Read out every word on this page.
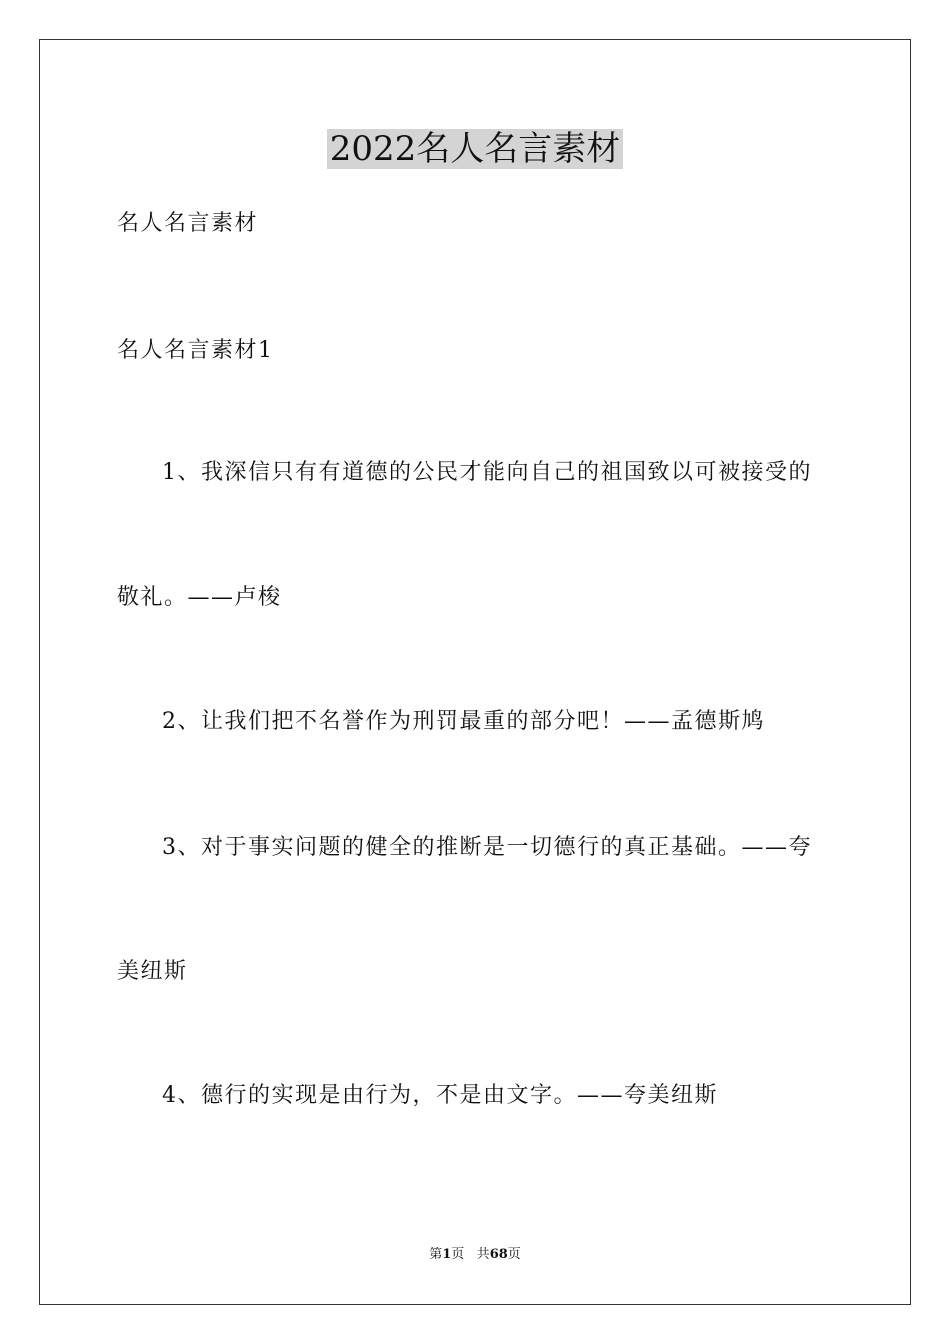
2022名人名言素材
名人名言素材
名人名言素材1
1、我深信只有有道德的公民才能向自己的祖国致以可被接受的
敬礼。——卢梭
2、让我们把不名誉作为刑罚最重的部分吧！——孟德斯鸠
3、对于事实问题的健全的推断是一切德行的真正基础。——夸
美纽斯
4、德行的实现是由行为，不是由文字。——夸美纽斯
第1页 共68页
